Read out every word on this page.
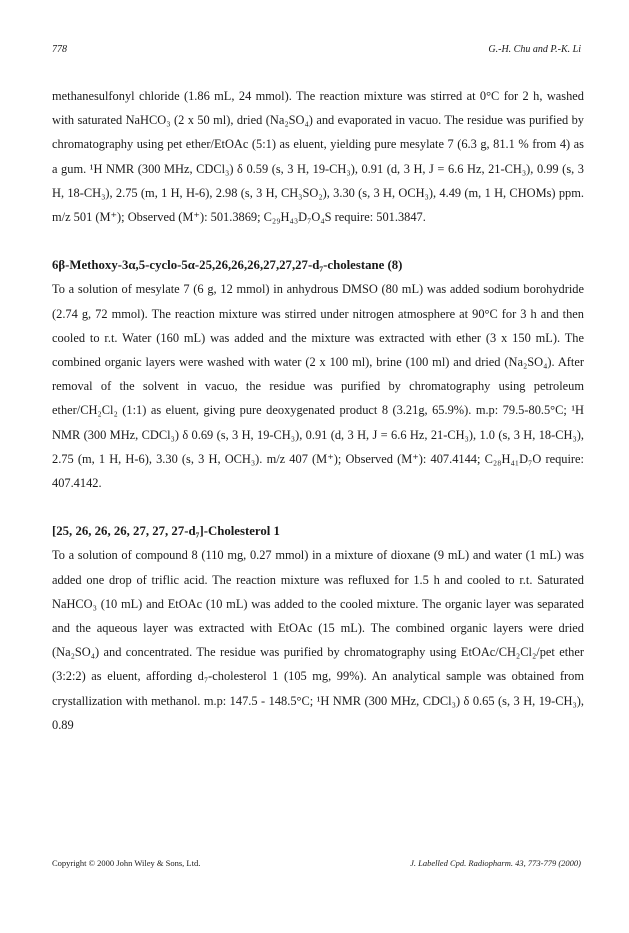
778	G.-H. Chu and P.-K. Li

methanesulfonyl chloride (1.86 mL, 24 mmol). The reaction mixture was stirred at 0°C for 2 h, washed with saturated NaHCO₃ (2 x 50 ml), dried (Na₂SO₄) and evaporated in vacuo. The residue was purified by chromatography using pet ether/EtOAc (5:1) as eluent, yielding pure mesylate 7 (6.3 g, 81.1 % from 4) as a gum. ¹H NMR (300 MHz, CDCl₃) δ 0.59 (s, 3 H, 19-CH₃), 0.91 (d, 3 H, J = 6.6 Hz, 21-CH₃), 0.99 (s, 3 H, 18-CH₃), 2.75 (m, 1 H, H-6), 2.98 (s, 3 H, CH₃SO₂), 3.30 (s, 3 H, OCH₃), 4.49 (m, 1 H, CHOMs) ppm. m/z 501 (M⁺); Observed (M⁺): 501.3869; C₂₉H₄₃D₇O₄S require: 501.3847.

6β-Methoxy-3α,5-cyclo-5α-25,26,26,26,27,27,27-d₇-cholestane (8)

To a solution of mesylate 7 (6 g, 12 mmol) in anhydrous DMSO (80 mL) was added sodium borohydride (2.74 g, 72 mmol). The reaction mixture was stirred under nitrogen atmosphere at 90°C for 3 h and then cooled to r.t. Water (160 mL) was added and the mixture was extracted with ether (3 x 150 mL). The combined organic layers were washed with water (2 x 100 ml), brine (100 ml) and dried (Na₂SO₄). After removal of the solvent in vacuo, the residue was purified by chromatography using petroleum ether/CH₂Cl₂ (1:1) as eluent, giving pure deoxygenated product 8 (3.21g, 65.9%). m.p: 79.5-80.5°C; ¹H NMR (300 MHz, CDCl₃) δ 0.69 (s, 3 H, 19-CH₃), 0.91 (d, 3 H, J = 6.6 Hz, 21-CH₃), 1.0 (s, 3 H, 18-CH₃), 2.75 (m, 1 H, H-6), 3.30 (s, 3 H, OCH₃). m/z 407 (M⁺); Observed (M⁺): 407.4144; C₂₈H₄₁D₇O require: 407.4142.

[25, 26, 26, 26, 27, 27, 27-d₇]-Cholesterol 1

To a solution of compound 8 (110 mg, 0.27 mmol) in a mixture of dioxane (9 mL) and water (1 mL) was added one drop of triflic acid. The reaction mixture was refluxed for 1.5 h and cooled to r.t. Saturated NaHCO₃ (10 mL) and EtOAc (10 mL) was added to the cooled mixture. The organic layer was separated and the aqueous layer was extracted with EtOAc (15 mL). The combined organic layers were dried (Na₂SO₄) and concentrated. The residue was purified by chromatography using EtOAc/CH₂Cl₂/pet ether (3:2:2) as eluent, affording d₇-cholesterol 1 (105 mg, 99%). An analytical sample was obtained from crystallization with methanol. m.p: 147.5 - 148.5°C; ¹H NMR (300 MHz, CDCl₃) δ 0.65 (s, 3 H, 19-CH₃), 0.89

Copyright © 2000 John Wiley & Sons, Ltd.	J. Labelled Cpd. Radiopharm. 43, 773-779 (2000)
